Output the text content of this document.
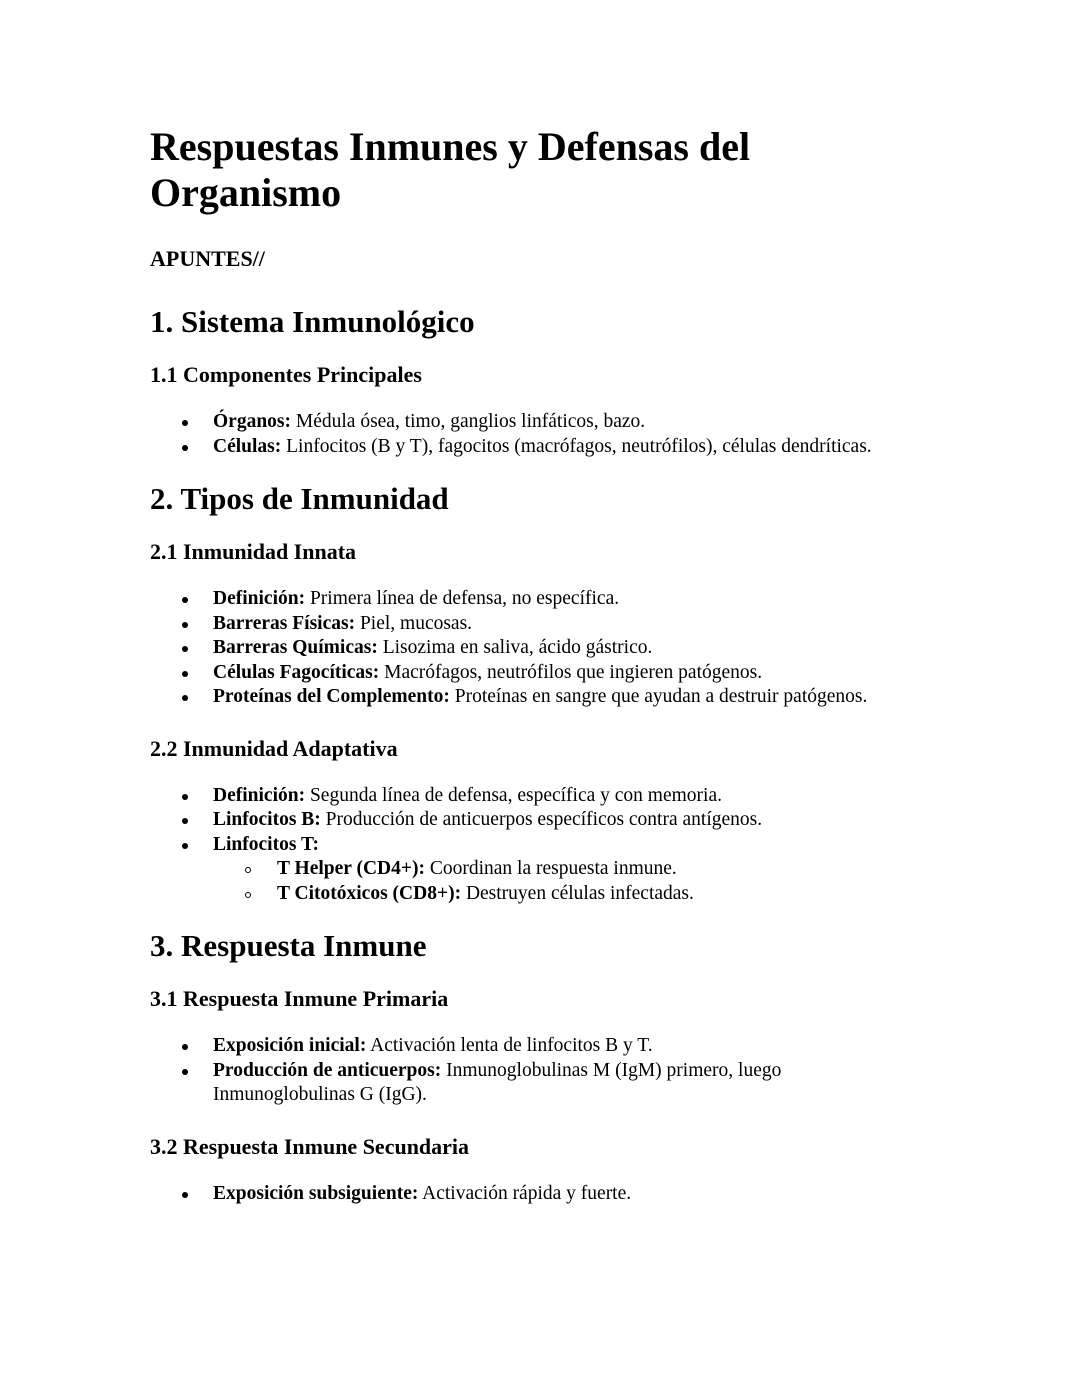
Respuestas Inmunes y Defensas del Organismo
APUNTES//
1. Sistema Inmunológico
1.1 Componentes Principales
Órganos: Médula ósea, timo, ganglios linfáticos, bazo.
Células: Linfocitos (B y T), fagocitos (macrófagos, neutrófilos), células dendríticas.
2. Tipos de Inmunidad
2.1 Inmunidad Innata
Definición: Primera línea de defensa, no específica.
Barreras Físicas: Piel, mucosas.
Barreras Químicas: Lisozima en saliva, ácido gástrico.
Células Fagocíticas: Macrófagos, neutrófilos que ingieren patógenos.
Proteínas del Complemento: Proteínas en sangre que ayudan a destruir patógenos.
2.2 Inmunidad Adaptativa
Definición: Segunda línea de defensa, específica y con memoria.
Linfocitos B: Producción de anticuerpos específicos contra antígenos.
Linfocitos T:
T Helper (CD4+): Coordinan la respuesta inmune.
T Citotóxicos (CD8+): Destruyen células infectadas.
3. Respuesta Inmune
3.1 Respuesta Inmune Primaria
Exposición inicial: Activación lenta de linfocitos B y T.
Producción de anticuerpos: Inmunoglobulinas M (IgM) primero, luego Inmunoglobulinas G (IgG).
3.2 Respuesta Inmune Secundaria
Exposición subsiguiente: Activación rápida y fuerte.
